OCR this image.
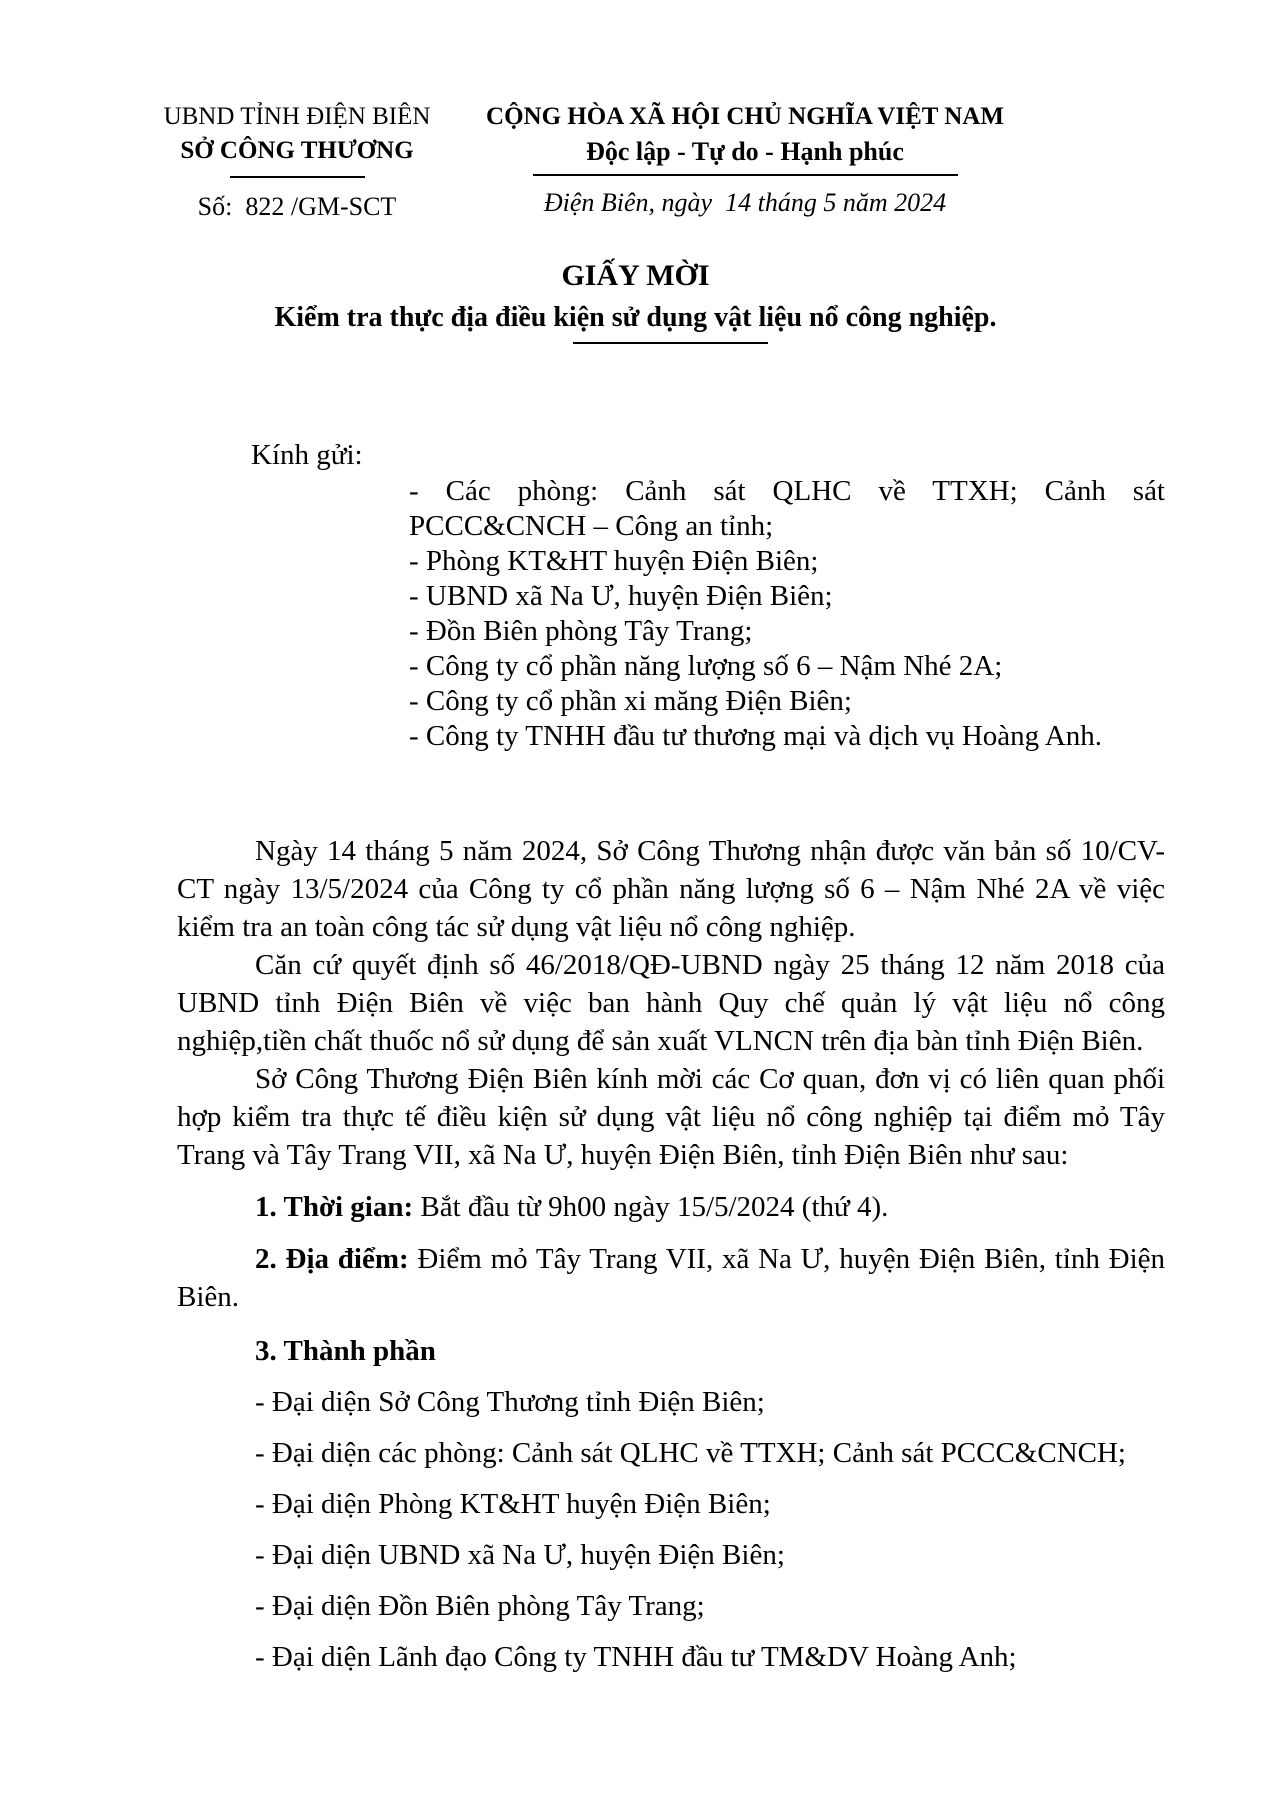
UBND TỈNH ĐIỆN BIÊN
SỞ CÔNG THƯƠNG
Số:  822 /GM-SCT
CỘNG HÒA XÃ HỘI CHỦ NGHĨA VIỆT NAM
Độc lập - Tự do - Hạnh phúc
Điện Biên, ngày  14 tháng 5 năm 2024
GIẤY MỜI
Kiểm tra thực địa điều kiện sử dụng vật liệu nổ công nghiệp.
Kính gửi:
- Các phòng: Cảnh sát QLHC về TTXH; Cảnh sát PCCC&CNCH – Công an tỉnh;
- Phòng KT&HT huyện Điện Biên;
- UBND xã Na Ư, huyện Điện Biên;
- Đồn Biên phòng Tây Trang;
- Công ty cổ phần năng lượng số 6 – Nậm Nhé 2A;
- Công ty cổ phần xi măng Điện Biên;
- Công ty TNHH đầu tư thương mại và dịch vụ Hoàng Anh.

Ngày 14 tháng 5 năm 2024, Sở Công Thương nhận được văn bản số 10/CV-CT ngày 13/5/2024 của Công ty cổ phần năng lượng số 6 – Nậm Nhé 2A về việc kiểm tra an toàn công tác sử dụng vật liệu nổ công nghiệp.

Căn cứ quyết định số 46/2018/QĐ-UBND ngày 25 tháng 12 năm 2018 của UBND tỉnh Điện Biên về việc ban hành Quy chế quản lý vật liệu nổ công nghiệp,tiền chất thuốc nổ sử dụng để sản xuất VLNCN trên địa bàn tỉnh Điện Biên.

Sở Công Thương Điện Biên kính mời các Cơ quan, đơn vị có liên quan phối hợp kiểm tra thực tế điều kiện sử dụng vật liệu nổ công nghiệp tại điểm mỏ Tây Trang và Tây Trang VII, xã Na Ư, huyện Điện Biên, tỉnh Điện Biên như sau:

1. Thời gian: Bắt đầu từ 9h00 ngày 15/5/2024 (thứ 4).

2. Địa điểm: Điểm mỏ Tây Trang VII, xã Na Ư, huyện Điện Biên, tỉnh Điện Biên.

3. Thành phần

- Đại diện Sở Công Thương tỉnh Điện Biên;

- Đại diện các phòng: Cảnh sát QLHC về TTXH; Cảnh sát PCCC&CNCH;

- Đại diện Phòng KT&HT huyện Điện Biên;

- Đại diện UBND xã Na Ư, huyện Điện Biên;

- Đại diện Đồn Biên phòng Tây Trang;

- Đại diện Lãnh đạo Công ty TNHH đầu tư TM&DV Hoàng Anh;
